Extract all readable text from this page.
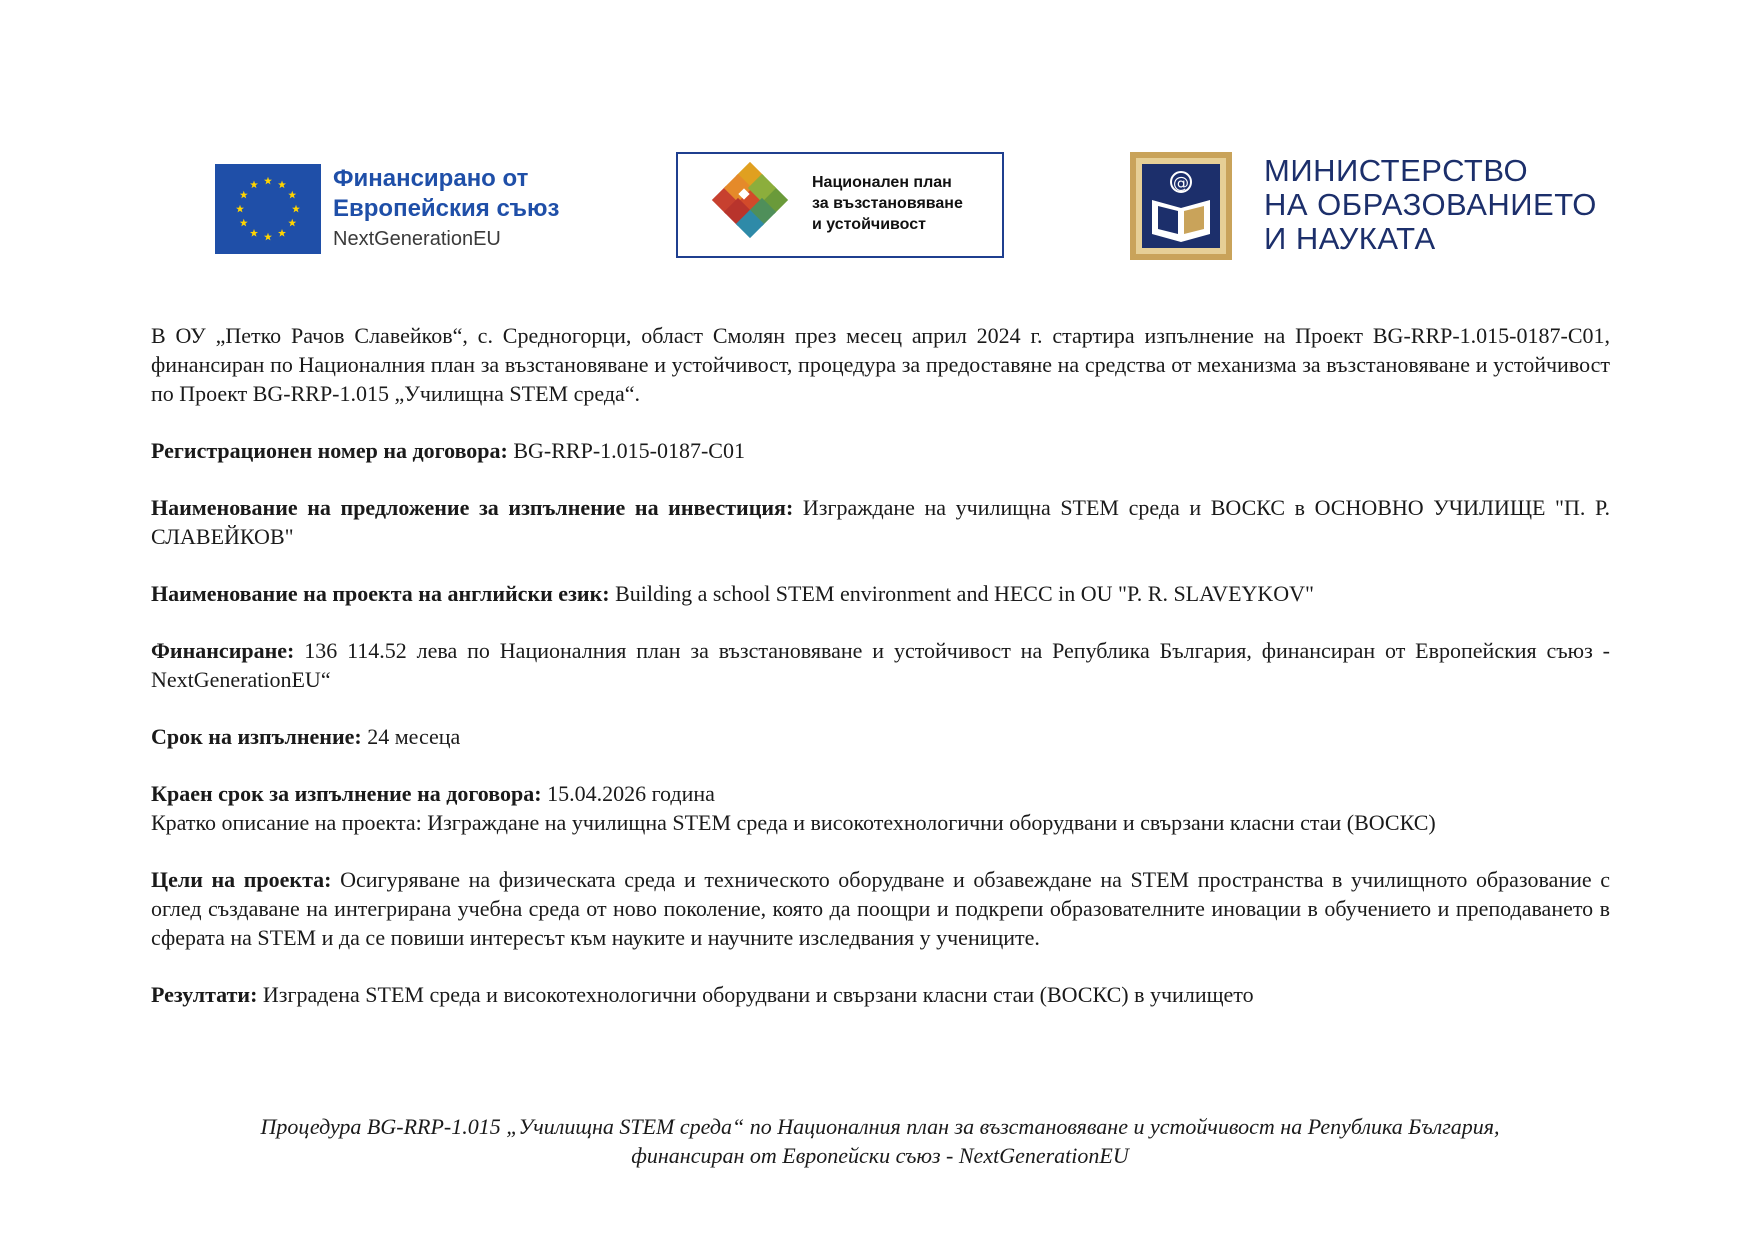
Финансирано от
Европейския съюз
NextGenerationEU
Национален план
за възстановяване
и устойчивост
@ МИНИСТЕРСТВО
НА ОБРАЗОВАНИЕТО
И НАУКАТА

В ОУ „Петко Рачов Славейков“, с. Средногорци, област Смолян през месец април 2024 г. стартира изпълнение на Проект BG-RRP-1.015-0187-C01, финансиран по Националния план за възстановяване и устойчивост, процедура за предоставяне на средства от механизма за възстановяване и устойчивост по Проект BG-RRP-1.015 „Училищна STEM среда“.

Регистрационен номер на договора: BG-RRP-1.015-0187-C01

Наименование на предложение за изпълнение на инвестиция: Изграждане на училищна STEM среда и ВОСКС в ОСНОВНО УЧИЛИЩЕ "П. Р. СЛАВЕЙКОВ"

Наименование на проекта на английски език: Building a school STEM environment and HECC in OU "P. R. SLAVEYKOV"

Финансиране: 136 114.52 лева по Националния план за възстановяване и устойчивост на Република България, финансиран от Европейския съюз - NextGenerationEU“

Срок на изпълнение: 24 месеца

Краен срок за изпълнение на договора: 15.04.2026 година

Кратко описание на проекта: Изграждане на училищна STEM среда и високотехнологични оборудвани и свързани класни стаи (ВОСКС)

Цели на проекта: Осигуряване на физическата среда и техническото оборудване и обзавеждане на STEM пространства в училищното образование с оглед създаване на интегрирана учебна среда от ново поколение, която да поощри и подкрепи образователните иновации в обучението и преподаването в сферата на STEM и да се повиши интересът към науките и научните изследвания у учениците.

Резултати: Изградена STEM среда и високотехнологични оборудвани и свързани класни стаи (ВОСКС) в училището

Процедура BG-RRP-1.015 „Училищна STEM среда“ по Националния план за възстановяване и устойчивост на Република България,
финансиран от Европейски съюз - NextGenerationEU
